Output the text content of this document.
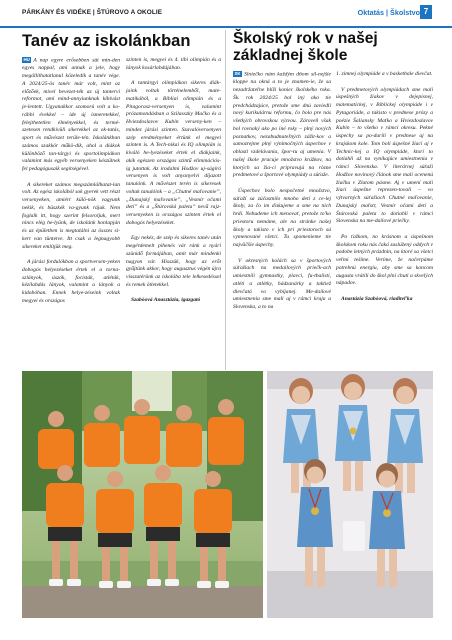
PÁRKÁNY ÉS VIDÉKE | ŠTÚROVO A OKOLIE	Oktatás | Školstvo 7
Tanév az iskolánkban	Školský rok v našej základnej škole

HU A nap egyre erősebben süt min-den egyes nappal, ami annak a jele, hogy megállíthatatlanul közeledik a tanév vége. A 2024/25-ös tanév már volt, mint az előzőek, mivel bevezet-ték az új tantervi reformot, ami mind-annyiunknak kihívást je-lentett. Ugyanakkor szomorú volt a ko-rábbi évekkel – ide új ismeretekkel, felejthetetlen élményekkel, és termé-szetesen rendkívüli sikerekkel az ok-tatás, sport és művészet terüle-tén. Iskolánkban számos szakkör műkö-dik, ahol a diákok különböző tan-tárgyi és sportolimpiákon valamint más egyéb versenyeken készülnek fel pedagógusaik segítségével.

A sikereket számos megszámlálhatat-lan volt. Az egész iskolából sok gyerek vett részt versenyeken, amiért külö-nök vagyunk nekik, és büszkék va-gyunk rájuk. Nem foglalk itt, hogy szerint felsoroljuk, mert nincs elég he-lyünk, de iskolánk honlapján és az épületben is megtalálni az összes si-kert van tüntetve. Itt csak a legnagyobb sikereket említjük meg.

A járási fordulókban a sportversen-yeken dobogós helyezéseket értek el a tornaszlányok, úszók, focisták, atléták, kézilabdás lányok, valamint a lányok a kidobóban. Ennek helye-zéseink voltak megyei és országos

szinten is, megyei és 4. tíbi olimpián és a lányok kosárlabdájában.

A tantárgyi olimpiákon sikeres diák-jaink voltak történelemből, mate-matikából, a Bibliai olimpián és a Pitagorasz-versenyen is, valamint prózamondásban a Szilasszky Mačko és a Hviezdoslavov Kubín verseny-ken – mindez járási szinten. Szavalóversenyen szép eredményeket értünk el megyei szinten is. A Tech-nikai és IQ olimpián is kiváló he-lyezéseket értek el diákjaink, akik egészen országos szintű eliminációs-ig jutottak. Az irodalmi Hodžov uj-ságíró versenyen is volt anyanyelvi díjazott tanulónk. A művészet terén is sikeresek voltak tanulóink – a „Chutné maľovanie”, „Dunajský maľovanie”, „Vesmír očami detí” és a „Štúrovská paleta” nevű rajz-versenyeken is országos szinten értek el dobogós helyezéseket.

Egy nekéz, de szép és sikeres tanév után megérdemelt pihenés vár ránk a nyári szünidő formájában, amit már mindenki nagyon vár. Hisszük, hogy az erőt gyűjtünk akkor, hogy augusztus végén újra visszatérünk az iskolába tele lelkesedéssel és remek ötletekkel.

Szabóová Anasztázia, igazgató

SK Slniečko nám každým dňom sil-nejšie kloppe na okná a to je znamen-ie, že sa nezadržateľne blíži koniec školského roka. Šk. rok 2024/25 bol iný ako tie predchádzajúce, pretože sme dnú zaviedli nový kurikulárnu reformu, čo bolo pre nás všetkých obrovskou výzvou. Zároveň však bol rovnaký ako po iné roky – plný nových poznatkov, nezabudnuteľných zážit-kov a samozrejme plný výnimočných úspechov v oblasti vzdelávania, špor-tu aj umenia. V našej škole pracuje množstvo krúžkov, na ktorých sa žia-ci pripravujú na rôzne predmetové a športové olympiády a súťaže.

Úspechov bolo nespočetné množstvo, súťaží sa zúčastnilo mnoho detí z ce-lej školy, za čo im ďakujeme a sme na nich hrdí. Nebudeme ich menovať, pretože to'ko priestoru nemáme, ale na stránke našej školy a takisto v ich pri priestoroch sú vymenované všetci. Tu spomenieme tie najväčšie úspechy.

V okresných kolách sa v športových súťažiach na medailových priečk-ach umiestnili gymnastky, plavci, fu-tbalisti, atléti a atlétky, hádzanárky a taktiež dievčatá vo vybíjanej. Me-dailové umiestnenia sme mali aj v rámci kraja a Slovenska, a to na

1. zimnej olympiáde a v basketbale dievčat.

V predmetových olympiádach sme mali úspešných žiakov v dejepisnej, matematickej, v Biblickej olympiáde i v Pytagoriáde, a takisto v prednese prózy a poézie Šaliansky Maťko a Hviezdoslavov Kubín – to všetko v rámci okresu. Pekné úspechy sa po-darili v prednese aj na krajskom kole. Tom boli úspešné žiaci aj v Technic-kej a IQ olympiáde, ktorí to dotiahli až na vynikajúce umiestnenia v rámci Slovenska. V literárnej súťaži Hodžov novinový článok sme mali ocenenú žiačku v Zlatom pásme. Aj v umení mali žiaci úspešne reprezen-tovali – vo výtvarných súťažiach Chutné maľovanie, Dunajský maľstr, Vesmír očami detí a Štúrovská paleta to dotiahli v rámci Slovenska na me-dailové priečky.

Po ťažkom, no krásnom a úspešnom školskom roku nás čaká zaslúžený oddych v podobe letných prázdnin, na ktoré sa všetci veľmi tešíme. Veríme, že načerpáme potrebnú energiu, aby sme sa koncom augusta vrátili do škol plní chuti a skvelých nápadov.

Anastázia Szabóová, riaditeľka
